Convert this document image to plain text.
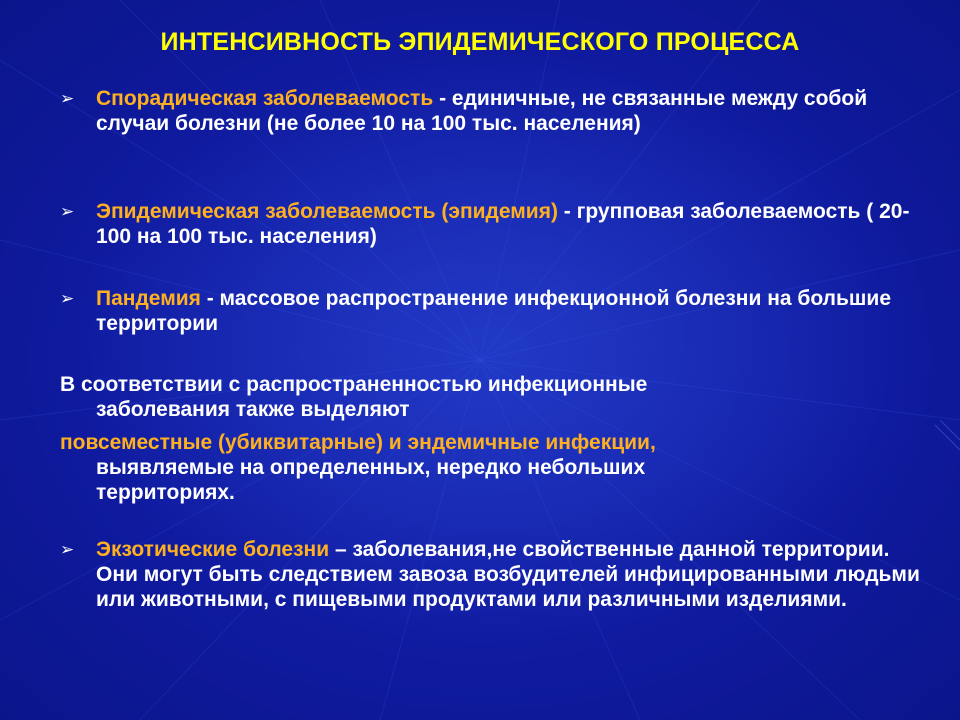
ИНТЕНСИВНОСТЬ ЭПИДЕМИЧЕСКОГО ПРОЦЕССА
➢ Спорадическая заболеваемость - единичные, не связанные между собой случаи болезни (не более 10 на 100 тыс. населения)
➢ Эпидемическая заболеваемость (эпидемия) - групповая заболеваемость ( 20-100 на 100 тыс. населения)
➢ Пандемия - массовое распространение инфекционной болезни на большие территории
В соответствии с распространенностью инфекционные
заболевания также выделяют
повсеместные (убиквитарные) и эндемичные инфекции,
выявляемые на определенных, нередко небольших
территориях.
➢ Экзотические болезни – заболевания,не свойственные данной территории. Они могут быть следствием завоза возбудителей инфицированными людьми или животными, с пищевыми продуктами или различными изделиями.
